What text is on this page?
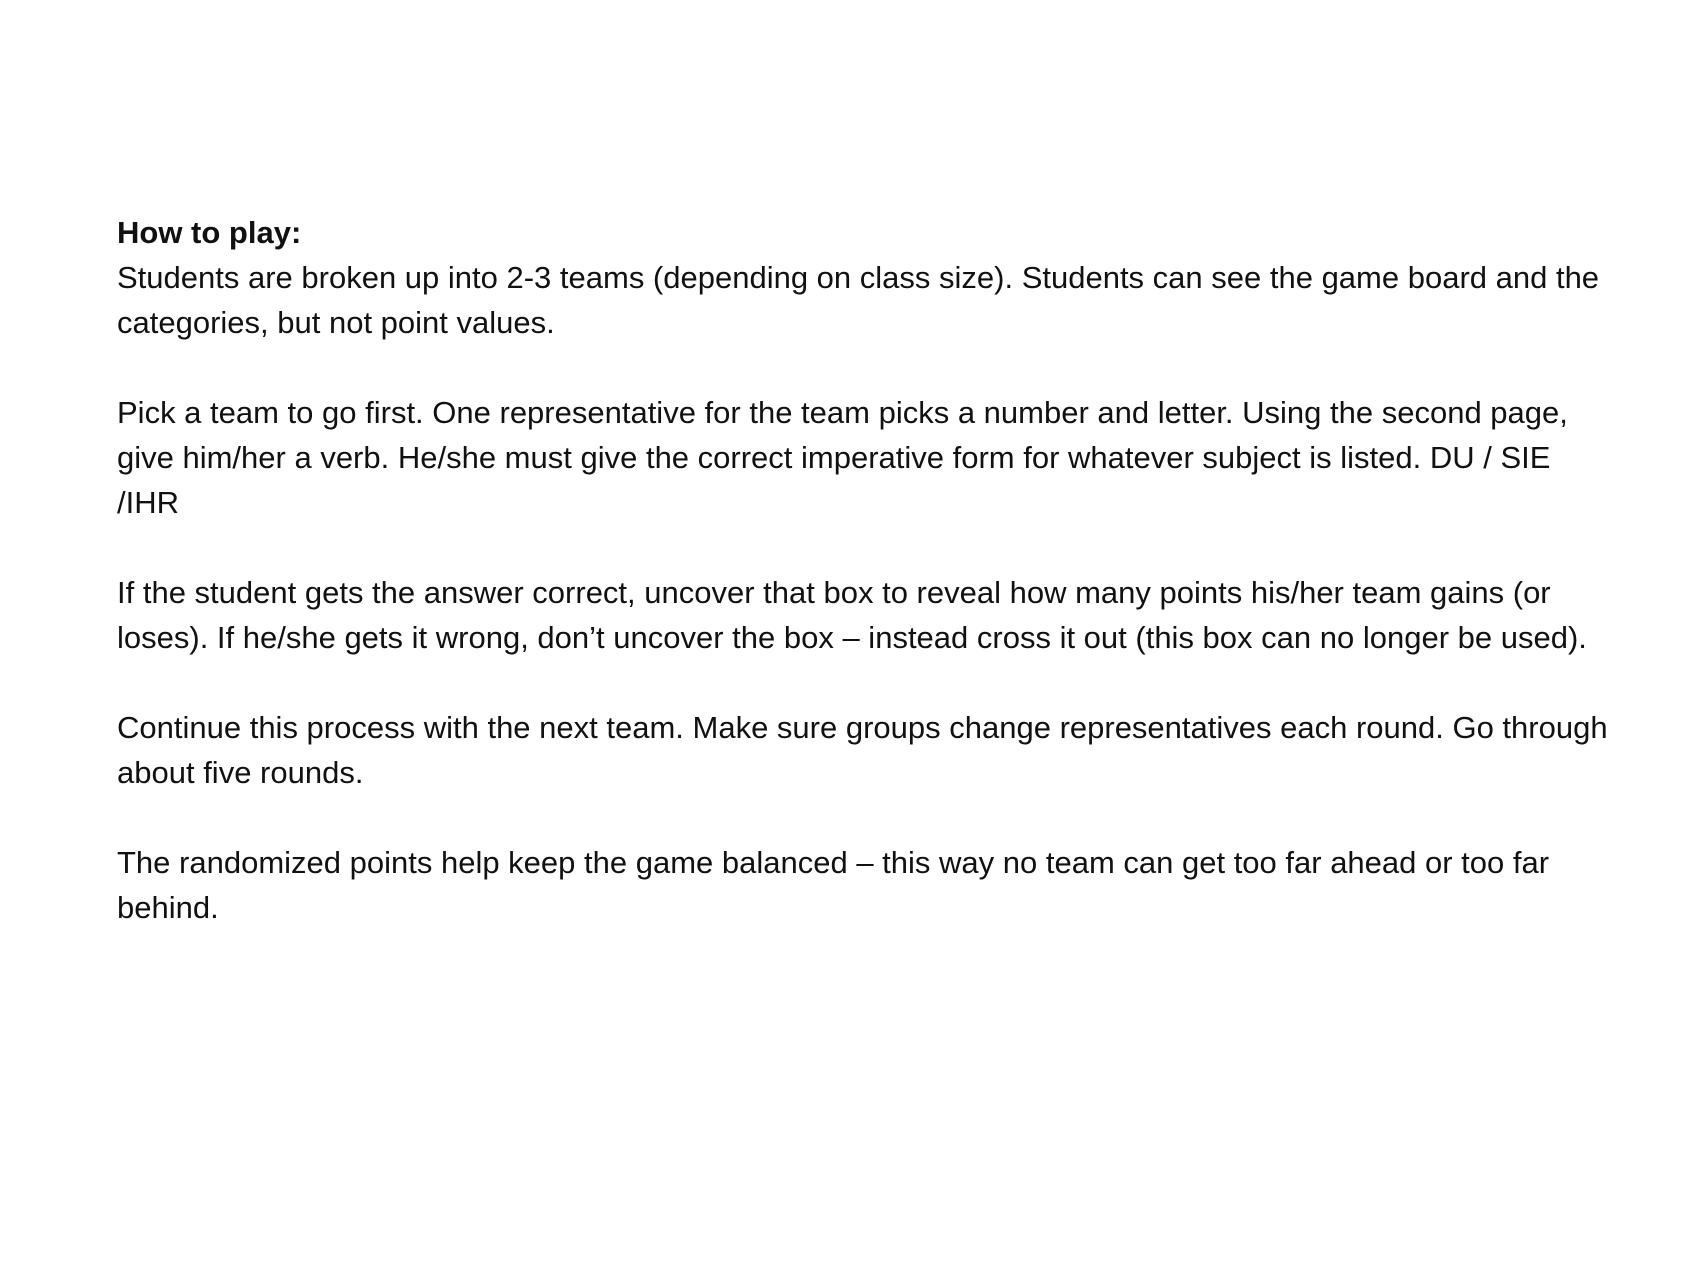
How to play:

Students are broken up into 2-3 teams (depending on class size). Students can see the game board and the categories, but not point values.

Pick a team to go first. One representative for the team picks a number and letter. Using the second page, give him/her a verb. He/she must give the correct imperative form for whatever subject is listed. DU / SIE /IHR

If the student gets the answer correct, uncover that box to reveal how many points his/her team gains (or loses). If he/she gets it wrong, don’t uncover the box – instead cross it out (this box can no longer be used).

Continue this process with the next team. Make sure groups change representatives each round. Go through about five rounds.

The randomized points help keep the game balanced – this way no team can get too far ahead or too far behind.
